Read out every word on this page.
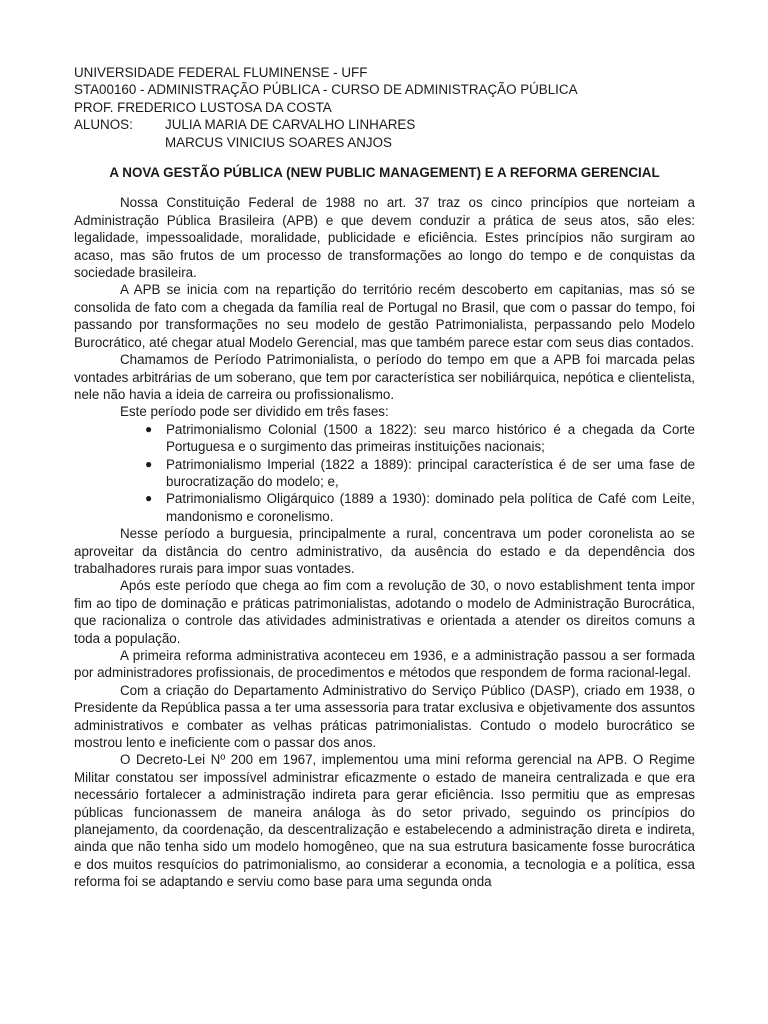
UNIVERSIDADE FEDERAL FLUMINENSE - UFF
STA00160 - ADMINISTRAÇÃO PÚBLICA - CURSO DE ADMINISTRAÇÃO PÚBLICA
PROF. FREDERICO LUSTOSA DA COSTA
ALUNOS:	JULIA MARIA DE CARVALHO LINHARES
MARCUS VINICIUS SOARES ANJOS
A NOVA GESTÃO PÚBLICA (NEW PUBLIC MANAGEMENT) E A REFORMA GERENCIAL

Nossa Constituição Federal de 1988 no art. 37 traz os cinco princípios que norteiam a Administração Pública Brasileira (APB) e que devem conduzir a prática de seus atos, são eles: legalidade, impessoalidade, moralidade, publicidade e eficiência. Estes princípios não surgiram ao acaso, mas são frutos de um processo de transformações ao longo do tempo e de conquistas da sociedade brasileira.

A APB se inicia com na repartição do território recém descoberto em capitanias, mas só se consolida de fato com a chegada da família real de Portugal no Brasil, que com o passar do tempo, foi passando por transformações no seu modelo de gestão Patrimonialista, perpassando pelo Modelo Burocrático, até chegar atual Modelo Gerencial, mas que também parece estar com seus dias contados.

Chamamos de Período Patrimonialista, o período do tempo em que a APB foi marcada pelas vontades arbitrárias de um soberano, que tem por característica ser nobiliárquica, nepótica e clientelista, nele não havia a ideia de carreira ou profissionalismo.

Este período pode ser dividido em três fases:

● Patrimonialismo Colonial (1500 a 1822): seu marco histórico é a chegada da Corte Portuguesa e o surgimento das primeiras instituições nacionais;
● Patrimonialismo Imperial (1822 a 1889): principal característica é de ser uma fase de burocratização do modelo; e,
● Patrimonialismo Oligárquico (1889 a 1930): dominado pela política de Café com Leite, mandonismo e coronelismo.

Nesse período a burguesia, principalmente a rural, concentrava um poder coronelista ao se aproveitar da distância do centro administrativo, da ausência do estado e da dependência dos trabalhadores rurais para impor suas vontades.

Após este período que chega ao fim com a revolução de 30, o novo establishment tenta impor fim ao tipo de dominação e práticas patrimonialistas, adotando o modelo de Administração Burocrática, que racionaliza o controle das atividades administrativas e orientada a atender os direitos comuns a toda a população.

A primeira reforma administrativa aconteceu em 1936, e a administração passou a ser formada por administradores profissionais, de procedimentos e métodos que respondem de forma racional-legal.

Com a criação do Departamento Administrativo do Serviço Público (DASP), criado em 1938, o Presidente da República passa a ter uma assessoria para tratar exclusiva e objetivamente dos assuntos administrativos e combater as velhas práticas patrimonialistas. Contudo o modelo burocrático se mostrou lento e ineficiente com o passar dos anos.

O Decreto-Lei Nº 200 em 1967, implementou uma mini reforma gerencial na APB. O Regime Militar constatou ser impossível administrar eficazmente o estado de maneira centralizada e que era necessário fortalecer a administração indireta para gerar eficiência. Isso permitiu que as empresas públicas funcionassem de maneira análoga às do setor privado, seguindo os princípios do planejamento, da coordenação, da descentralização e estabelecendo a administração direta e indireta, ainda que não tenha sido um modelo homogêneo, que na sua estrutura basicamente fosse burocrática e dos muitos resquícios do patrimonialismo, ao considerar a economia, a tecnologia e a política, essa reforma foi se adaptando e serviu como base para uma segunda onda
